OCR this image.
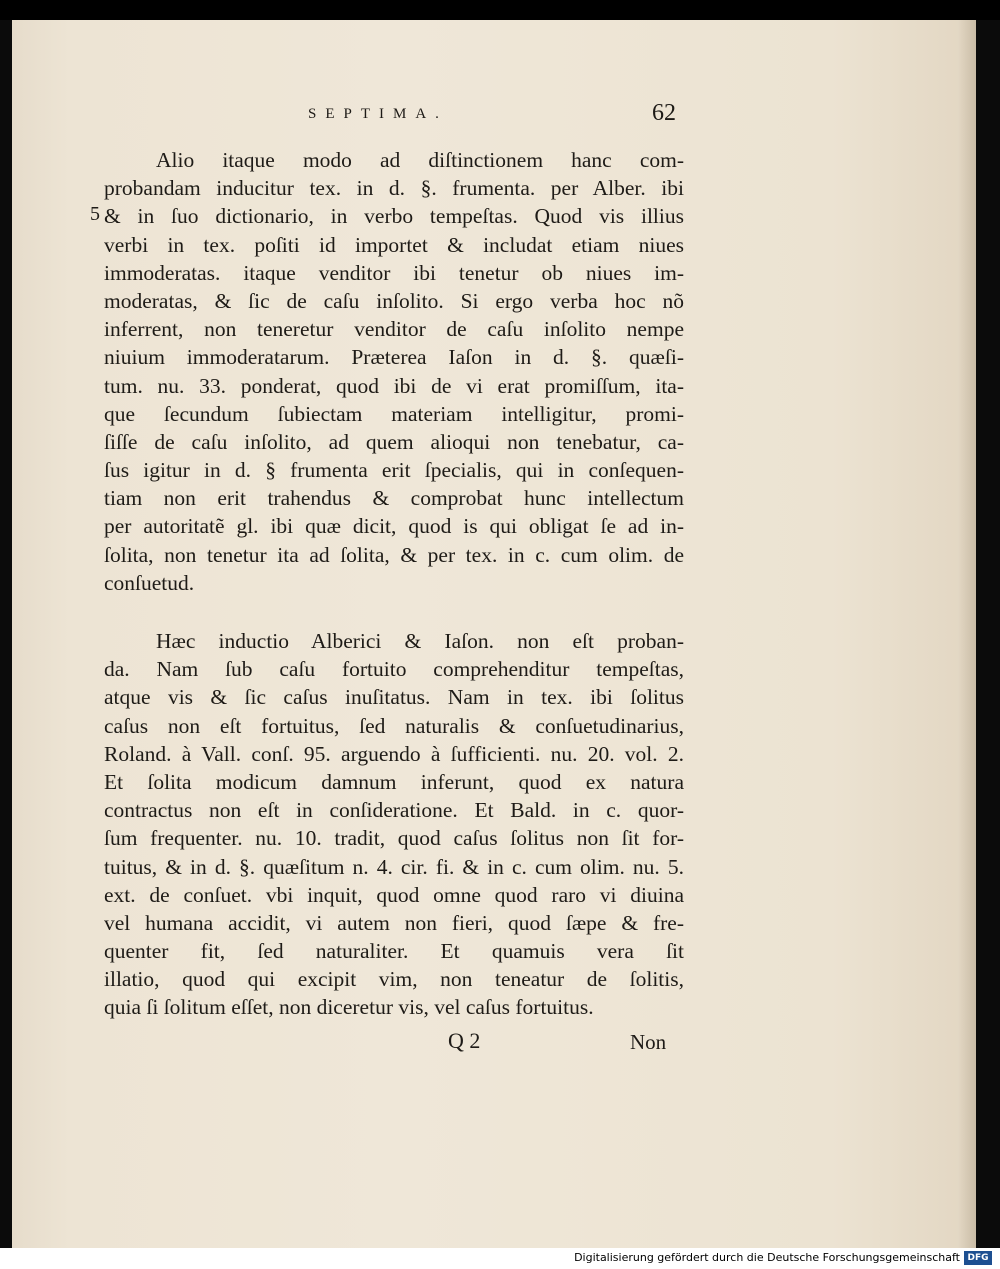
SEPTIMA.	62
5

Alio itaque modo ad diſtinctionem hanc com-
probandam inducitur tex. in d. §. frumenta. per Alber. ibi
& in ſuo dictionario, in verbo tempeſtas. Quod vis illius
verbi in tex. poſiti id importet & includat etiam niues
immoderatas. itaque venditor ibi tenetur ob niues im-
moderatas, & ſic de caſu inſolito. Si ergo verba hoc nõ
inferrent, non teneretur venditor de caſu inſolito nempe
niuium immoderatarum. Præterea Iaſon in d. §. quæſi-
tum. nu. 33. ponderat, quod ibi de vi erat promiſſum, ita-
que ſecundum ſubiectam materiam intelligitur, promi-
ſiſſe de caſu inſolito, ad quem alioqui non tenebatur, ca-
ſus igitur in d. § frumenta erit ſpecialis, qui in conſequen-
tiam non erit trahendus & comprobat hunc intellectum
per autoritatẽ gl. ibi quæ dicit, quod is qui obligat ſe ad in-
ſolita, non tenetur ita ad ſolita, & per tex. in c. cum olim. de
conſuetud.

Hæc inductio Alberici & Iaſon. non eſt proban-
da. Nam ſub caſu fortuito comprehenditur tempeſtas,
atque vis & ſic caſus inuſitatus. Nam in tex. ibi ſolitus
caſus non eſt fortuitus, ſed naturalis & conſuetudinarius,
Roland. à Vall. conſ. 95. arguendo à ſufficienti. nu. 20. vol. 2.
Et ſolita modicum damnum inferunt, quod ex natura
contractus non eſt in conſideratione. Et Bald. in c. quor-
ſum frequenter. nu. 10. tradit, quod caſus ſolitus non ſit for-
tuitus, & in d. §. quæſitum n. 4. cir. fi. & in c. cum olim. nu. 5.
ext. de conſuet. vbi inquit, quod omne quod raro vi diuina
vel humana accidit, vi autem non fieri, quod ſæpe & fre-
quenter fit, ſed naturaliter. Et quamuis vera ſit
illatio, quod qui excipit vim, non teneatur de ſolitis,
quia ſi ſolitum eſſet, non diceretur vis, vel caſus fortuitus.

Q 2	Non
Digitalisierung gefördert durch die Deutsche Forschungsgemeinschaft DFG
